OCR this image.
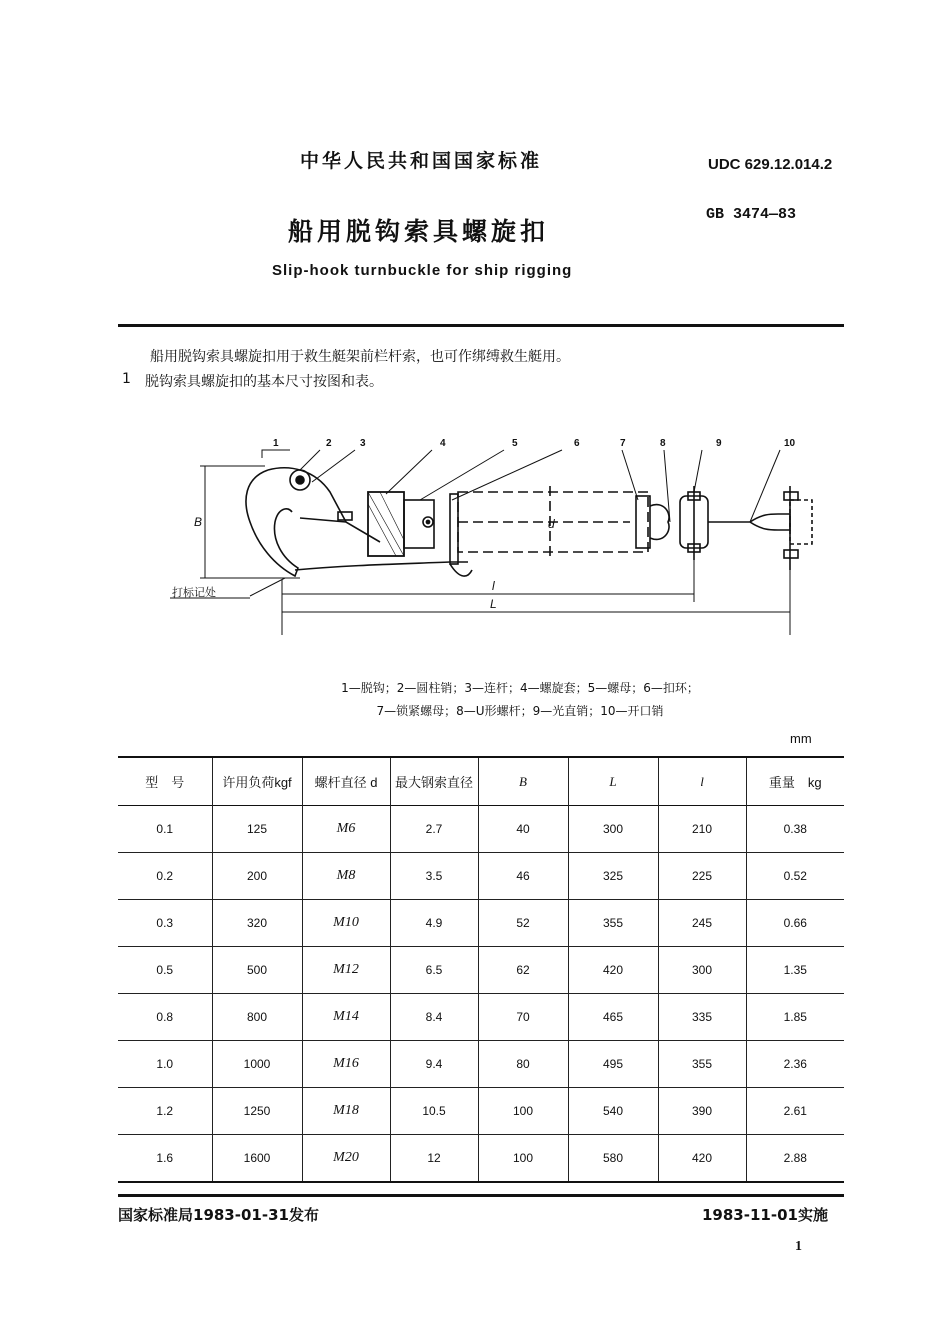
中华人民共和国国家标准	UDC 629.12.014.2
船用脱钩索具螺旋扣
GB 3474—83
Slip-hook turnbuckle for ship rigging
船用脱钩索具螺旋扣用于救生艇架前栏杆索，也可作绑缚救生艇用。
1 脱钩索具螺旋扣的基本尺寸按图和表。
1	2	3	4	5	6	7	8	9	10
B
l
L
d
打标记处
1—脱钩；2—圆柱销；3—连杆；4—螺旋套；5—螺母；6—扣环；
7—锁紧螺母；8—U形螺杆；9—光直销；10—开口销
mm
型　号	许用负荷kgf	螺杆直径 d	最大钢索直径	B	L	l	重量　kg
0.1	125	M6	2.7	40	300	210	0.38
0.2	200	M8	3.5	46	325	225	0.52
0.3	320	M10	4.9	52	355	245	0.66
0.5	500	M12	6.5	62	420	300	1.35
0.8	800	M14	8.4	70	465	335	1.85
1.0	1000	M16	9.4	80	495	355	2.36
1.2	1250	M18	10.5	100	540	390	2.61
1.6	1600	M20	12	100	580	420	2.88
国家标准局1983-01-31发布	1983-11-01实施
1
